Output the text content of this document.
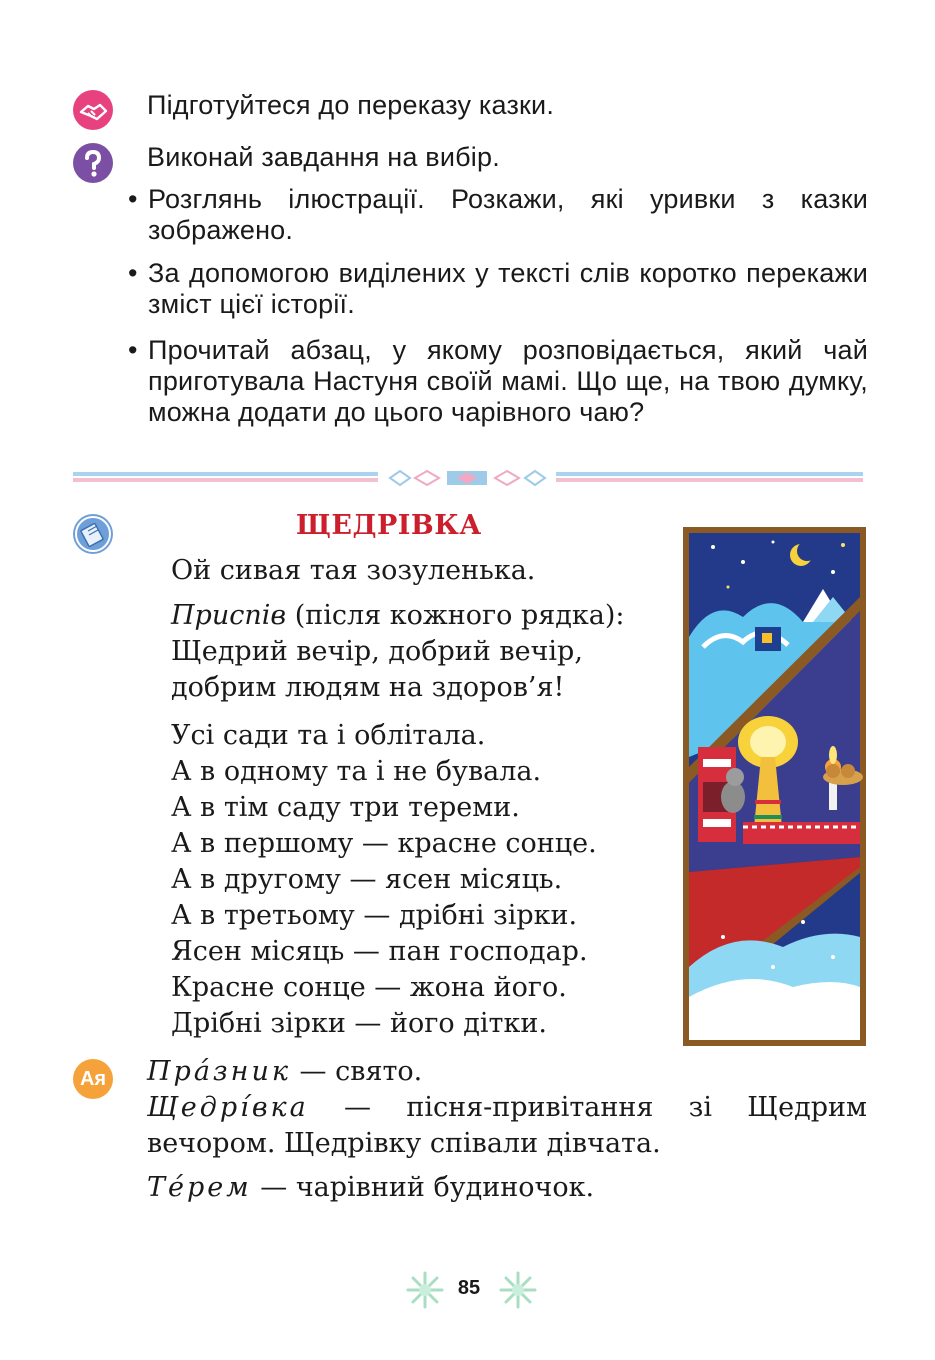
Підготуйтеся до переказу казки.
Виконай завдання на вибір.
• Розглянь ілюстрації. Розкажи, які уривки з казки зображено.
• За допомогою виділених у тексті слів коротко перекажи зміст цієї історії.
• Прочитай абзац, у якому розповідається, який чай приготувала Настуня своїй мамі. Що ще, на твою думку, можна додати до цього чарівного чаю?
ЩЕДРІВКА
Ой сивая тая зозуленька.
Приспів (після кожного рядка):
Щедрий вечір, добрий вечір,
добрим людям на здоров’я!
Усі сади та і облітала.
А в одному та і не бувала.
А в тім саду три тереми.
А в першому — красне сонце.
А в другому — ясен місяць.
А в третьому — дрібні зірки.
Ясен місяць — пан господар.
Красне сонце — жона його.
Дрібні зірки — його дітки.
Ая Пра́зник — свято.
Щедрі́вка — пісня-привітання зі Щедрим вечором. Щедрівку співали дівчата.
Те́рем — чарівний будиночок.
85
